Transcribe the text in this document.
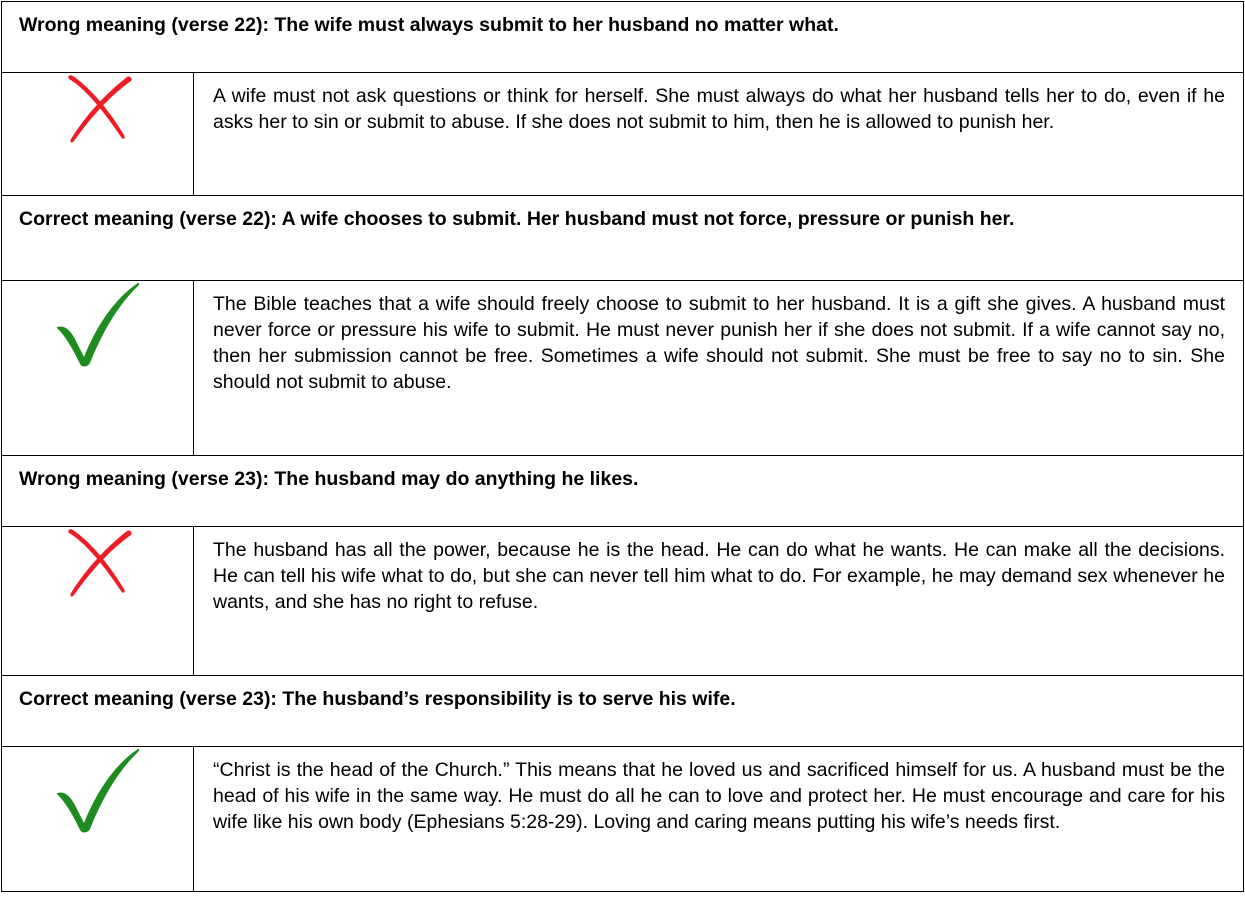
Wrong meaning (verse 22): The wife must always submit to her husband no matter what.	

	A wife must not ask questions or think for herself. She must always do what her husband tells her to do, even if he asks her to sin or submit to abuse. If she does not submit to him, then he is allowed to punish her.
Correct meaning (verse 22): A wife chooses to submit. Her husband must not force, pressure or punish her.	

	The Bible teaches that a wife should freely choose to submit to her husband. It is a gift she gives. A husband must never force or pressure his wife to submit. He must never punish her if she does not submit. If a wife cannot say no, then her submission cannot be free. Sometimes a wife should not submit. She must be free to say no to sin. She should not submit to abuse.
Wrong meaning (verse 23): The husband may do anything he likes.	

	The husband has all the power, because he is the head. He can do what he wants. He can make all the decisions. He can tell his wife what to do, but she can never tell him what to do. For example, he may demand sex whenever he wants, and she has no right to refuse.
Correct meaning (verse 23): The husband’s responsibility is to serve his wife.	

	“Christ is the head of the Church.” This means that he loved us and sacrificed himself for us. A husband must be the head of his wife in the same way. He must do all he can to love and protect her. He must encourage and care for his wife like his own body (Ephesians 5:28-29). Loving and caring means putting his wife’s needs first.
